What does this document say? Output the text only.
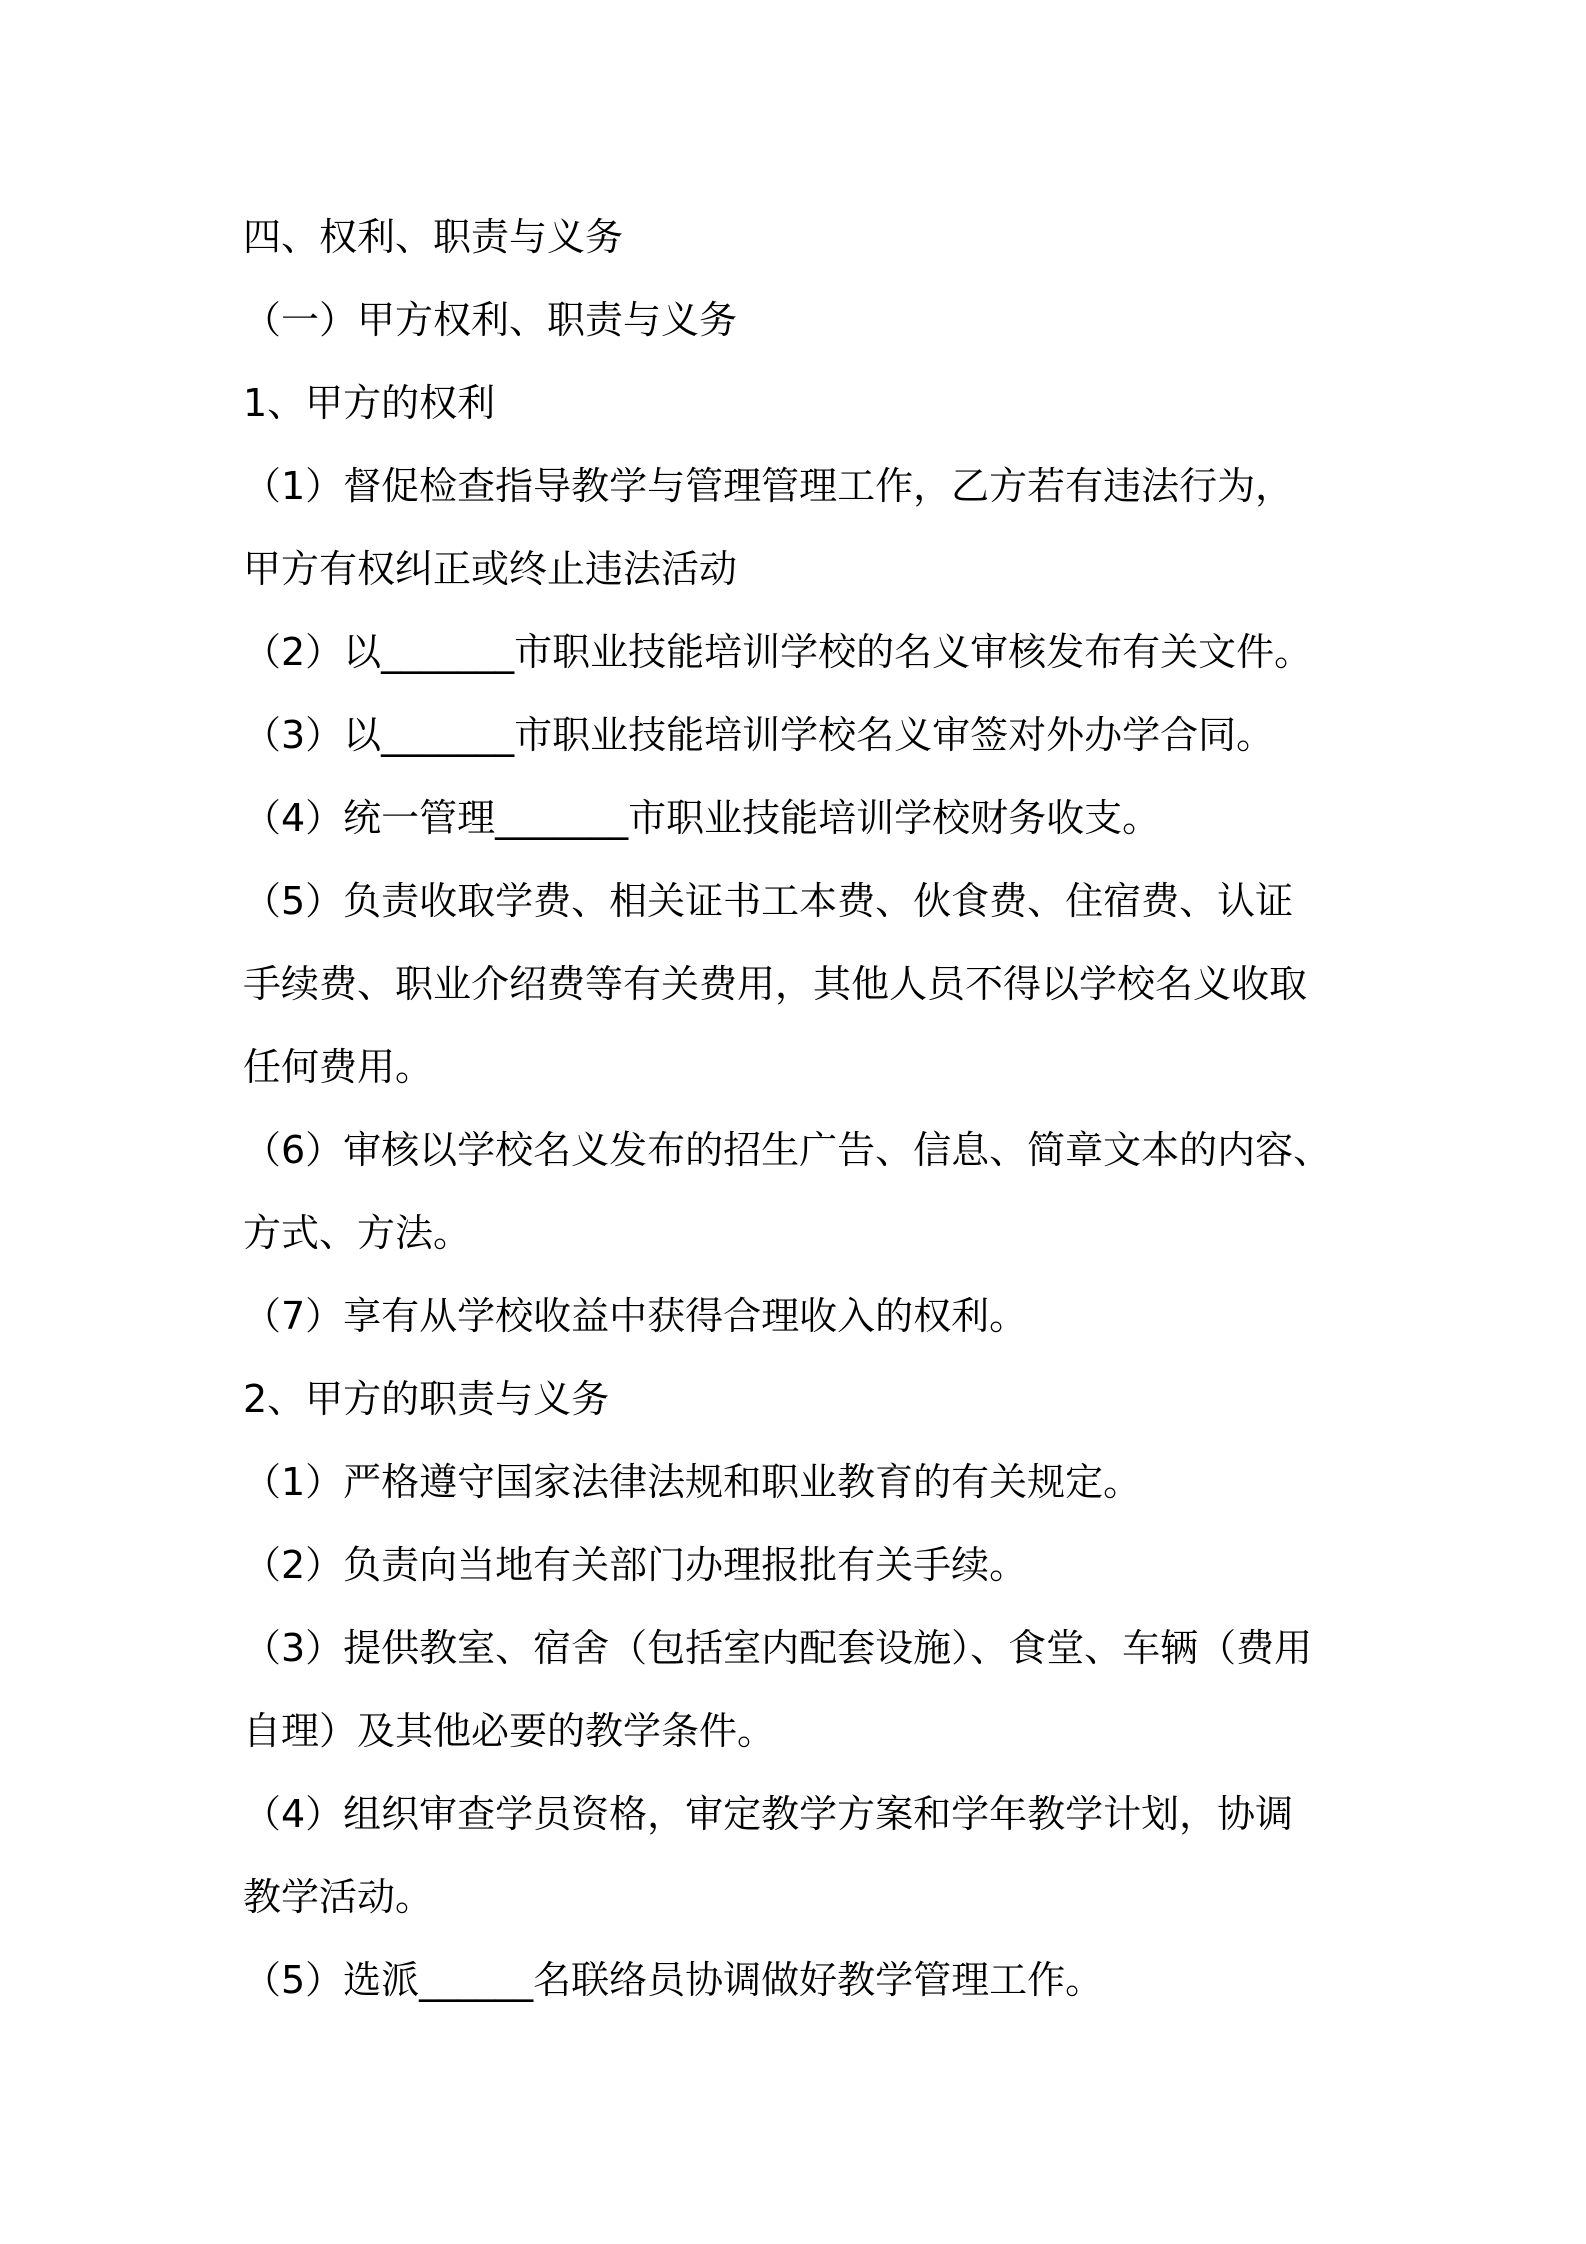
四、权利、职责与义务
（一）甲方权利、职责与义务
1、甲方的权利
（1）督促检查指导教学与管理管理工作，乙方若有违法行为，
甲方有权纠正或终止违法活动
（2）以_______市职业技能培训学校的名义审核发布有关文件。
（3）以_______市职业技能培训学校名义审签对外办学合同。
（4）统一管理_______市职业技能培训学校财务收支。
（5）负责收取学费、相关证书工本费、伙食费、住宿费、认证
手续费、职业介绍费等有关费用，其他人员不得以学校名义收取
任何费用。
（6）审核以学校名义发布的招生广告、信息、简章文本的内容、
方式、方法。
（7）享有从学校收益中获得合理收入的权利。
2、甲方的职责与义务
（1）严格遵守国家法律法规和职业教育的有关规定。
（2）负责向当地有关部门办理报批有关手续。
（3）提供教室、宿舍（包括室内配套设施）、食堂、车辆（费用
自理）及其他必要的教学条件。
（4）组织审查学员资格，审定教学方案和学年教学计划，协调
教学活动。
（5）选派______名联络员协调做好教学管理工作。
